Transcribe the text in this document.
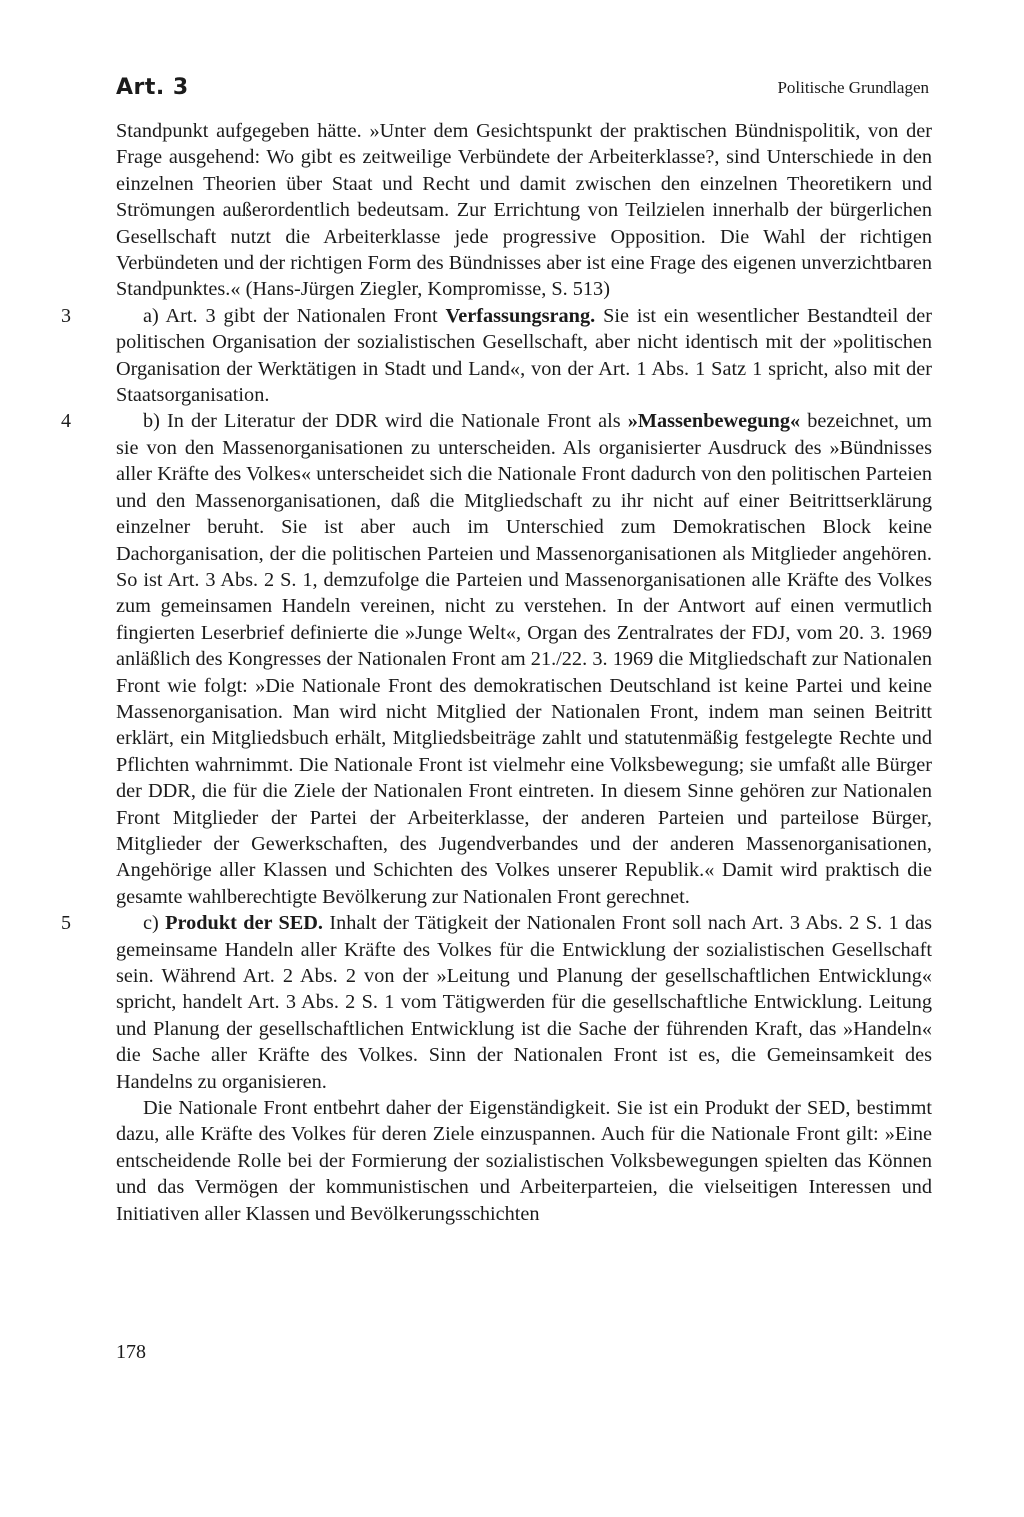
Art. 3	Politische Grundlagen

Standpunkt aufgegeben hätte. »Unter dem Gesichtspunkt der praktischen Bündnispolitik, von der Frage ausgehend: Wo gibt es zeitweilige Verbündete der Arbeiterklasse?, sind Unterschiede in den einzelnen Theorien über Staat und Recht und damit zwischen den einzelnen Theoretikern und Strömungen außerordentlich bedeutsam. Zur Errichtung von Teilzielen innerhalb der bürgerlichen Gesellschaft nutzt die Arbeiterklasse jede progressive Opposition. Die Wahl der richtigen Verbündeten und der richtigen Form des Bündnisses aber ist eine Frage des eigenen unverzichtbaren Standpunktes.« (Hans-Jürgen Ziegler, Kompromisse, S. 513)

3	a) Art. 3 gibt der Nationalen Front Verfassungsrang. Sie ist ein wesentlicher Bestandteil der politischen Organisation der sozialistischen Gesellschaft, aber nicht identisch mit der »politischen Organisation der Werktätigen in Stadt und Land«, von der Art. 1 Abs. 1 Satz 1 spricht, also mit der Staatsorganisation.

4	b) In der Literatur der DDR wird die Nationale Front als »Massenbewegung« bezeichnet, um sie von den Massenorganisationen zu unterscheiden. Als organisierter Ausdruck des »Bündnisses aller Kräfte des Volkes« unterscheidet sich die Nationale Front dadurch von den politischen Parteien und den Massenorganisationen, daß die Mitgliedschaft zu ihr nicht auf einer Beitrittserklärung einzelner beruht. Sie ist aber auch im Unterschied zum Demokratischen Block keine Dachorganisation, der die politischen Parteien und Massenorganisationen als Mitglieder angehören. So ist Art. 3 Abs. 2 S. 1, demzufolge die Parteien und Massenorganisationen alle Kräfte des Volkes zum gemeinsamen Handeln vereinen, nicht zu verstehen. In der Antwort auf einen vermutlich fingierten Leserbrief definierte die »Junge Welt«, Organ des Zentralrates der FDJ, vom 20. 3. 1969 anläßlich des Kongresses der Nationalen Front am 21./22. 3. 1969 die Mitgliedschaft zur Nationalen Front wie folgt: »Die Nationale Front des demokratischen Deutschland ist keine Partei und keine Massenorganisation. Man wird nicht Mitglied der Nationalen Front, indem man seinen Beitritt erklärt, ein Mitgliedsbuch erhält, Mitgliedsbeiträge zahlt und statutenmäßig festgelegte Rechte und Pflichten wahrnimmt. Die Nationale Front ist vielmehr eine Volksbewegung; sie umfaßt alle Bürger der DDR, die für die Ziele der Nationalen Front eintreten. In diesem Sinne gehören zur Nationalen Front Mitglieder der Partei der Arbeiterklasse, der anderen Parteien und parteilose Bürger, Mitglieder der Gewerkschaften, des Jugendverbandes und der anderen Massenorganisationen, Angehörige aller Klassen und Schichten des Volkes unserer Republik.« Damit wird praktisch die gesamte wahlberechtigte Bevölkerung zur Nationalen Front gerechnet.

5	c) Produkt der SED. Inhalt der Tätigkeit der Nationalen Front soll nach Art. 3 Abs. 2 S. 1 das gemeinsame Handeln aller Kräfte des Volkes für die Entwicklung der sozialistischen Gesellschaft sein. Während Art. 2 Abs. 2 von der »Leitung und Planung der gesellschaftlichen Entwicklung« spricht, handelt Art. 3 Abs. 2 S. 1 vom Tätigwerden für die gesellschaftliche Entwicklung. Leitung und Planung der gesellschaftlichen Entwicklung ist die Sache der führenden Kraft, das »Handeln« die Sache aller Kräfte des Volkes. Sinn der Nationalen Front ist es, die Gemeinsamkeit des Handelns zu organisieren.

Die Nationale Front entbehrt daher der Eigenständigkeit. Sie ist ein Produkt der SED, bestimmt dazu, alle Kräfte des Volkes für deren Ziele einzuspannen. Auch für die Nationale Front gilt: »Eine entscheidende Rolle bei der Formierung der sozialistischen Volksbewegungen spielten das Können und das Vermögen der kommunistischen und Arbeiterparteien, die vielseitigen Interessen und Initiativen aller Klassen und Bevölkerungsschichten

178
